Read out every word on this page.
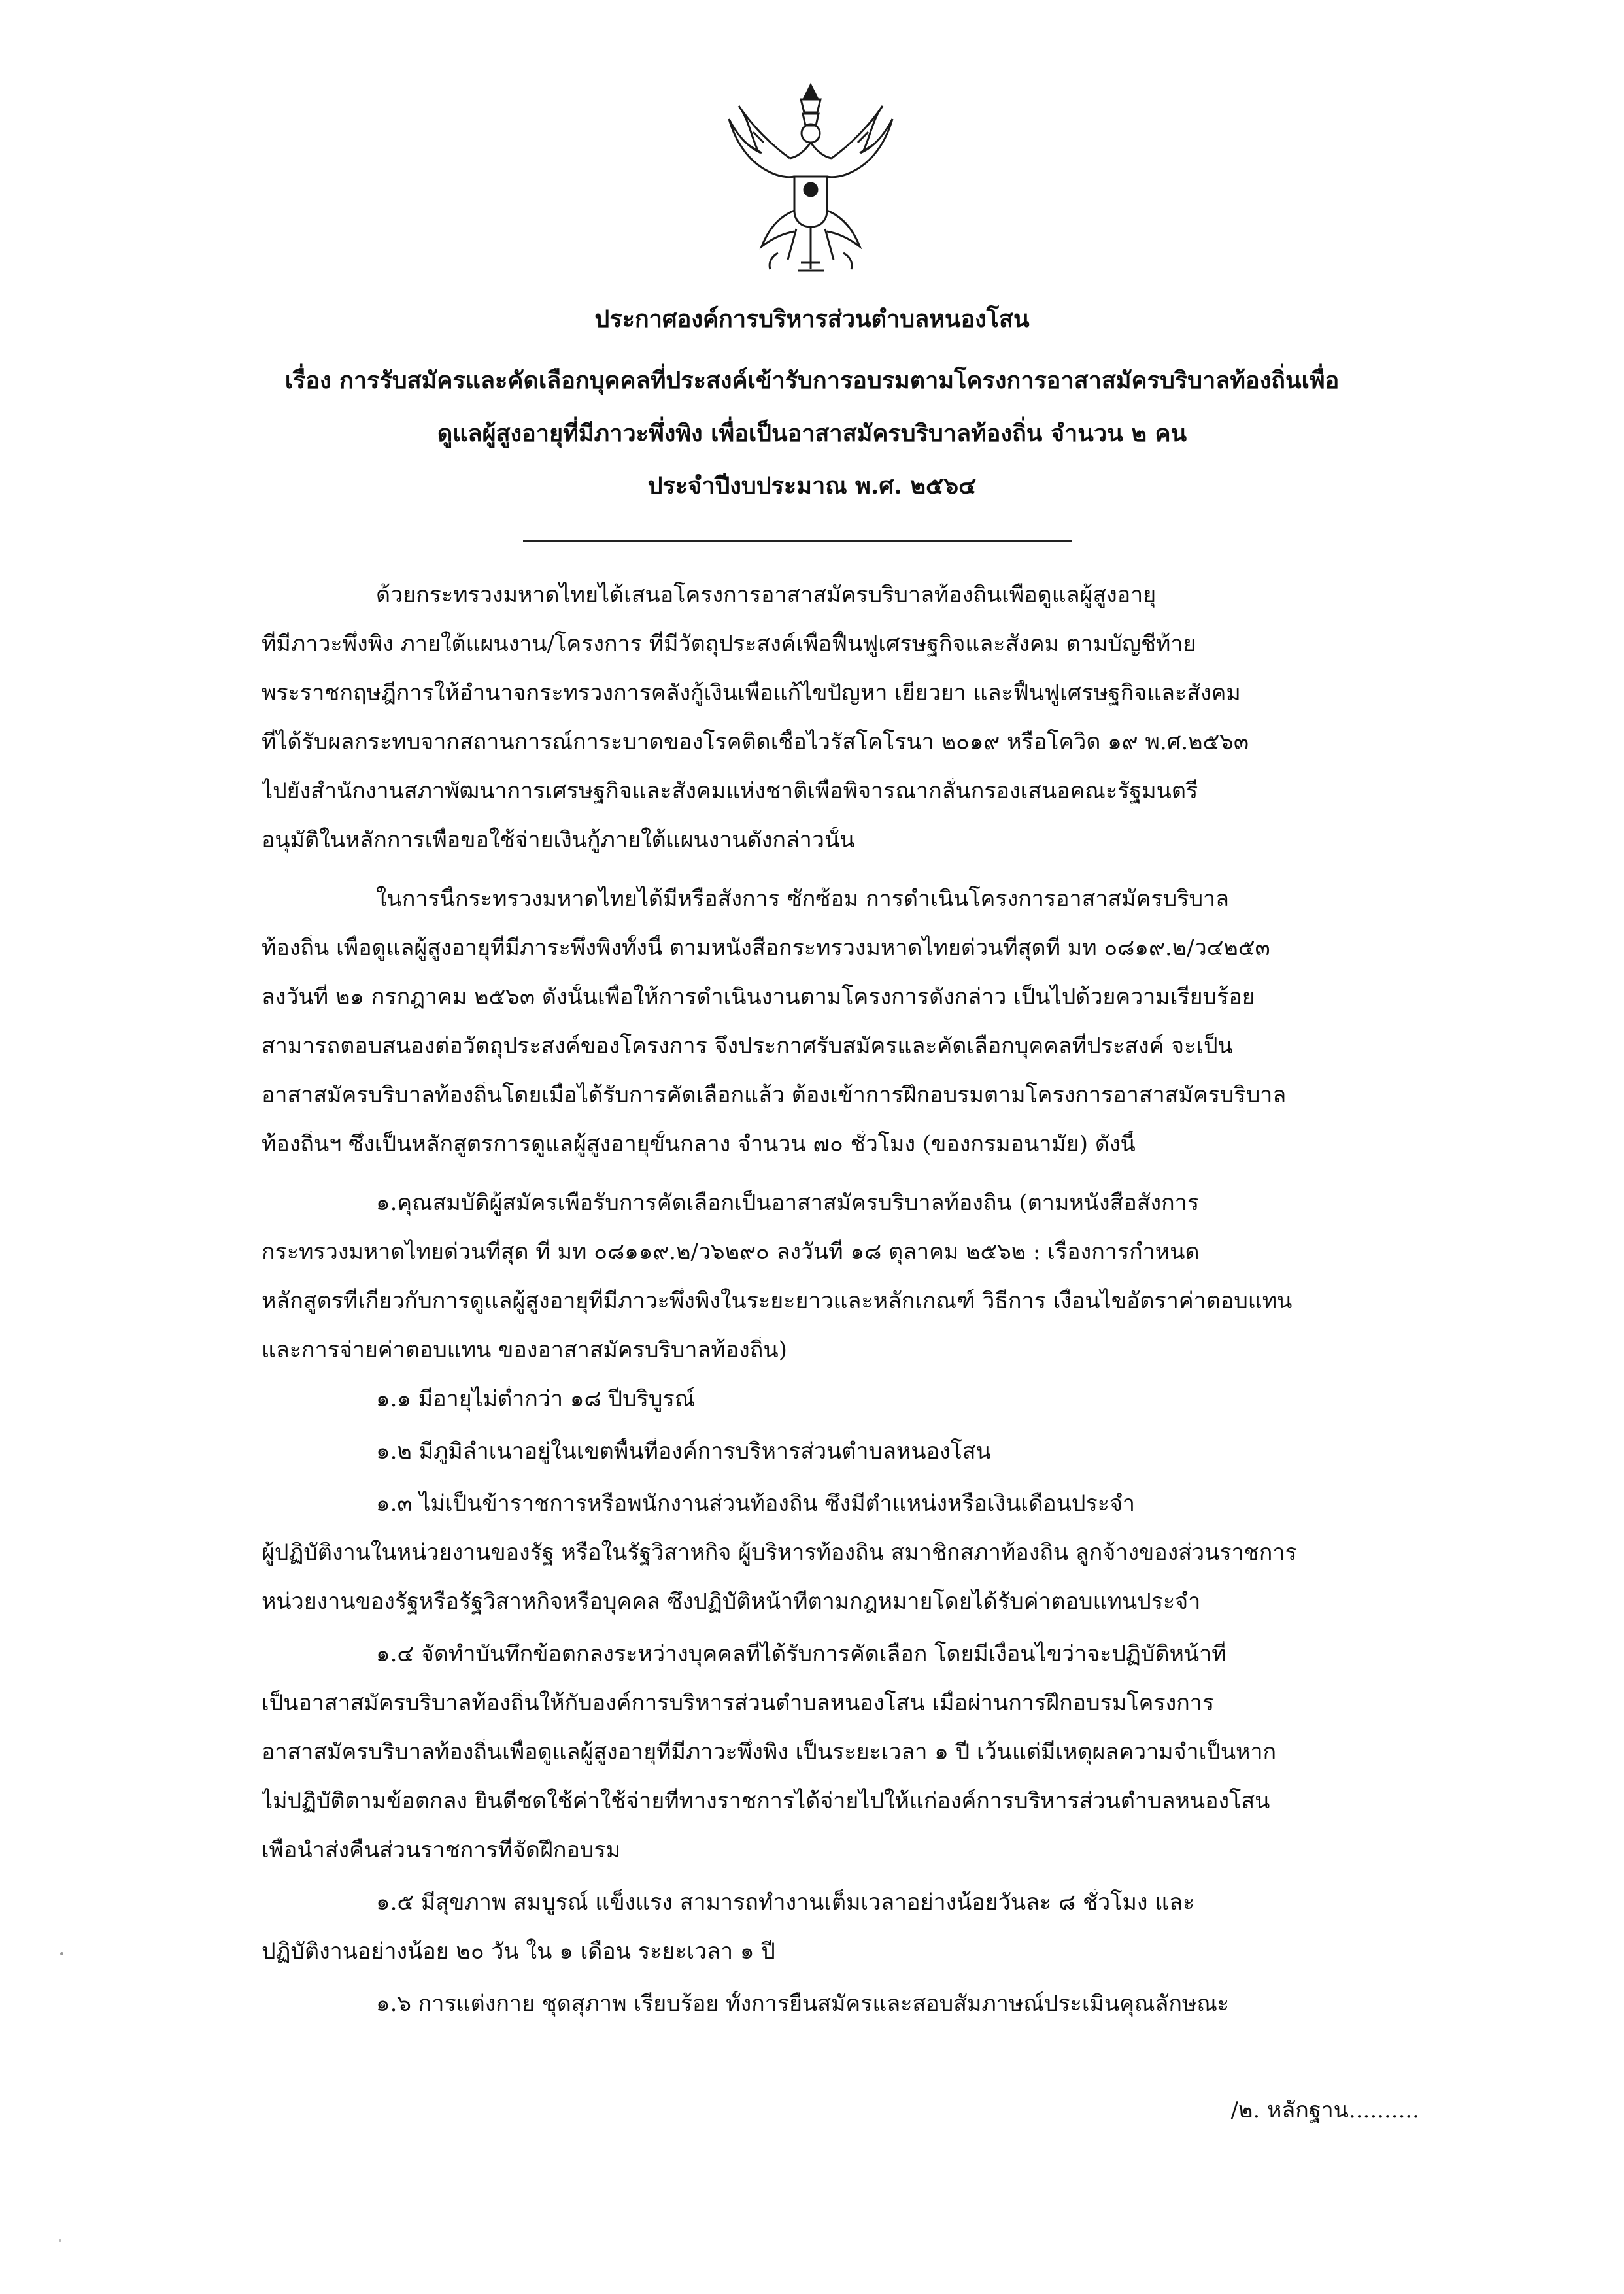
ประกาศองค์การบริหารส่วนตำบลหนองโสน
เรื่อง การรับสมัครและคัดเลือกบุคคลที่ประสงค์เข้ารับการอบรมตามโครงการอาสาสมัครบริบาลท้องถิ่นเพื่อ
ดูแลผู้สูงอายุที่มีภาวะพึ่งพิง เพื่อเป็นอาสาสมัครบริบาลท้องถิ่น จำนวน ๒ คน
ประจำปีงบประมาณ พ.ศ. ๒๕๖๔
ด้วยกระทรวงมหาดไทยได้เสนอโครงการอาสาสมัครบริบาลท้องถิ่นเพื่อดูแลผู้สูงอายุ
ที่มีภาวะพึ่งพิง ภายใต้แผนงาน/โครงการ ที่มีวัตถุประสงค์เพื่อฟื้นฟูเศรษฐกิจและสังคม ตามบัญชีท้าย
พระราชกฤษฎีการให้อำนาจกระทรวงการคลังกู้เงินเพื่อแก้ไขปัญหา เยียวยา และฟื้นฟูเศรษฐกิจและสังคม
ที่ได้รับผลกระทบจากสถานการณ์การะบาดของโรคติดเชื้อไวรัสโคโรนา ๒๐๑๙ หรือโควิด ๑๙ พ.ศ.๒๕๖๓
ไปยังสำนักงานสภาพัฒนาการเศรษฐกิจและสังคมแห่งชาติเพื่อพิจารณากลั่นกรองเสนอคณะรัฐมนตรี
อนุมัติในหลักการเพื่อขอใช้จ่ายเงินกู้ภายใต้แผนงานดังกล่าวนั้น
ในการนี้กระทรวงมหาดไทยได้มีหรือสั่งการ ซักซ้อม การดำเนินโครงการอาสาสมัครบริบาล
ท้องถิ่น เพื่อดูแลผู้สูงอายุที่มีภาระพึ่งพิงทั้งนี้ ตามหนังสือกระทรวงมหาดไทยด่วนที่สุดที่ มท ๐๘๑๙.๒/ว๔๒๕๓
ลงวันที่ ๒๑ กรกฎาคม ๒๕๖๓ ดังนั้นเพื่อให้การดำเนินงานตามโครงการดังกล่าว เป็นไปด้วยความเรียบร้อย
สามารถตอบสนองต่อวัตถุประสงค์ของโครงการ จึงประกาศรับสมัครและคัดเลือกบุคคลที่ประสงค์ จะเป็น
อาสาสมัครบริบาลท้องถิ่นโดยเมื่อได้รับการคัดเลือกแล้ว ต้องเข้าการฝึกอบรมตามโครงการอาสาสมัครบริบาล
ท้องถิ่นฯ ซึ่งเป็นหลักสูตรการดูแลผู้สูงอายุขั้นกลาง จำนวน ๗๐ ชั่วโมง (ของกรมอนามัย) ดังนี้
๑.คุณสมบัติผู้สมัครเพื่อรับการคัดเลือกเป็นอาสาสมัครบริบาลท้องถิ่น (ตามหนังสือสั่งการ
กระทรวงมหาดไทยด่วนที่สุด ที่ มท ๐๘๑๑๙.๒/ว๖๒๙๐ ลงวันที่ ๑๘ ตุลาคม ๒๕๖๒ : เรื่องการกำหนด
หลักสูตรที่เกี่ยวกับการดูแลผู้สูงอายุที่มีภาวะพึ่งพิงในระยะยาวและหลักเกณฑ์ วิธีการ เงื่อนไขอัตราค่าตอบแทน
และการจ่ายค่าตอบแทน ของอาสาสมัครบริบาลท้องถิ่น)
๑.๑ มีอายุไม่ต่ำกว่า ๑๘ ปีบริบูรณ์
๑.๒ มีภูมิลำเนาอยู่ในเขตพื้นที่องค์การบริหารส่วนตำบลหนองโสน
๑.๓ ไม่เป็นข้าราชการหรือพนักงานส่วนท้องถิ่น ซึ่งมีตำแหน่งหรือเงินเดือนประจำ
ผู้ปฏิบัติงานในหน่วยงานของรัฐ หรือในรัฐวิสาหกิจ ผู้บริหารท้องถิ่น สมาชิกสภาท้องถิ่น ลูกจ้างของส่วนราชการ
หน่วยงานของรัฐหรือรัฐวิสาหกิจหรือบุคคล ซึ่งปฏิบัติหน้าที่ตามกฎหมายโดยได้รับค่าตอบแทนประจำ
๑.๔ จัดทำบันทึกข้อตกลงระหว่างบุคคลที่ได้รับการคัดเลือก โดยมีเงื่อนไขว่าจะปฏิบัติหน้าที่
เป็นอาสาสมัครบริบาลท้องถิ่นให้กับองค์การบริหารส่วนตำบลหนองโสน เมื่อผ่านการฝึกอบรมโครงการ
อาสาสมัครบริบาลท้องถิ่นเพื่อดูแลผู้สูงอายุที่มีภาวะพึ่งพิง เป็นระยะเวลา ๑ ปี เว้นแต่มีเหตุผลความจำเป็นหาก
ไม่ปฏิบัติตามข้อตกลง ยินดีชดใช้ค่าใช้จ่ายที่ทางราชการได้จ่ายไปให้แก่องค์การบริหารส่วนตำบลหนองโสน
เพื่อนำส่งคืนส่วนราชการที่จัดฝึกอบรม
๑.๕ มีสุขภาพ สมบูรณ์ แข็งแรง สามารถทำงานเต็มเวลาอย่างน้อยวันละ ๘ ชั่วโมง และ
ปฏิบัติงานอย่างน้อย ๒๐ วัน ใน ๑ เดือน ระยะเวลา ๑ ปี
๑.๖ การแต่งกาย ชุดสุภาพ เรียบร้อย ทั้งการยื่นสมัครและสอบสัมภาษณ์ประเมินคุณลักษณะ
/๒. หลักฐาน..........
